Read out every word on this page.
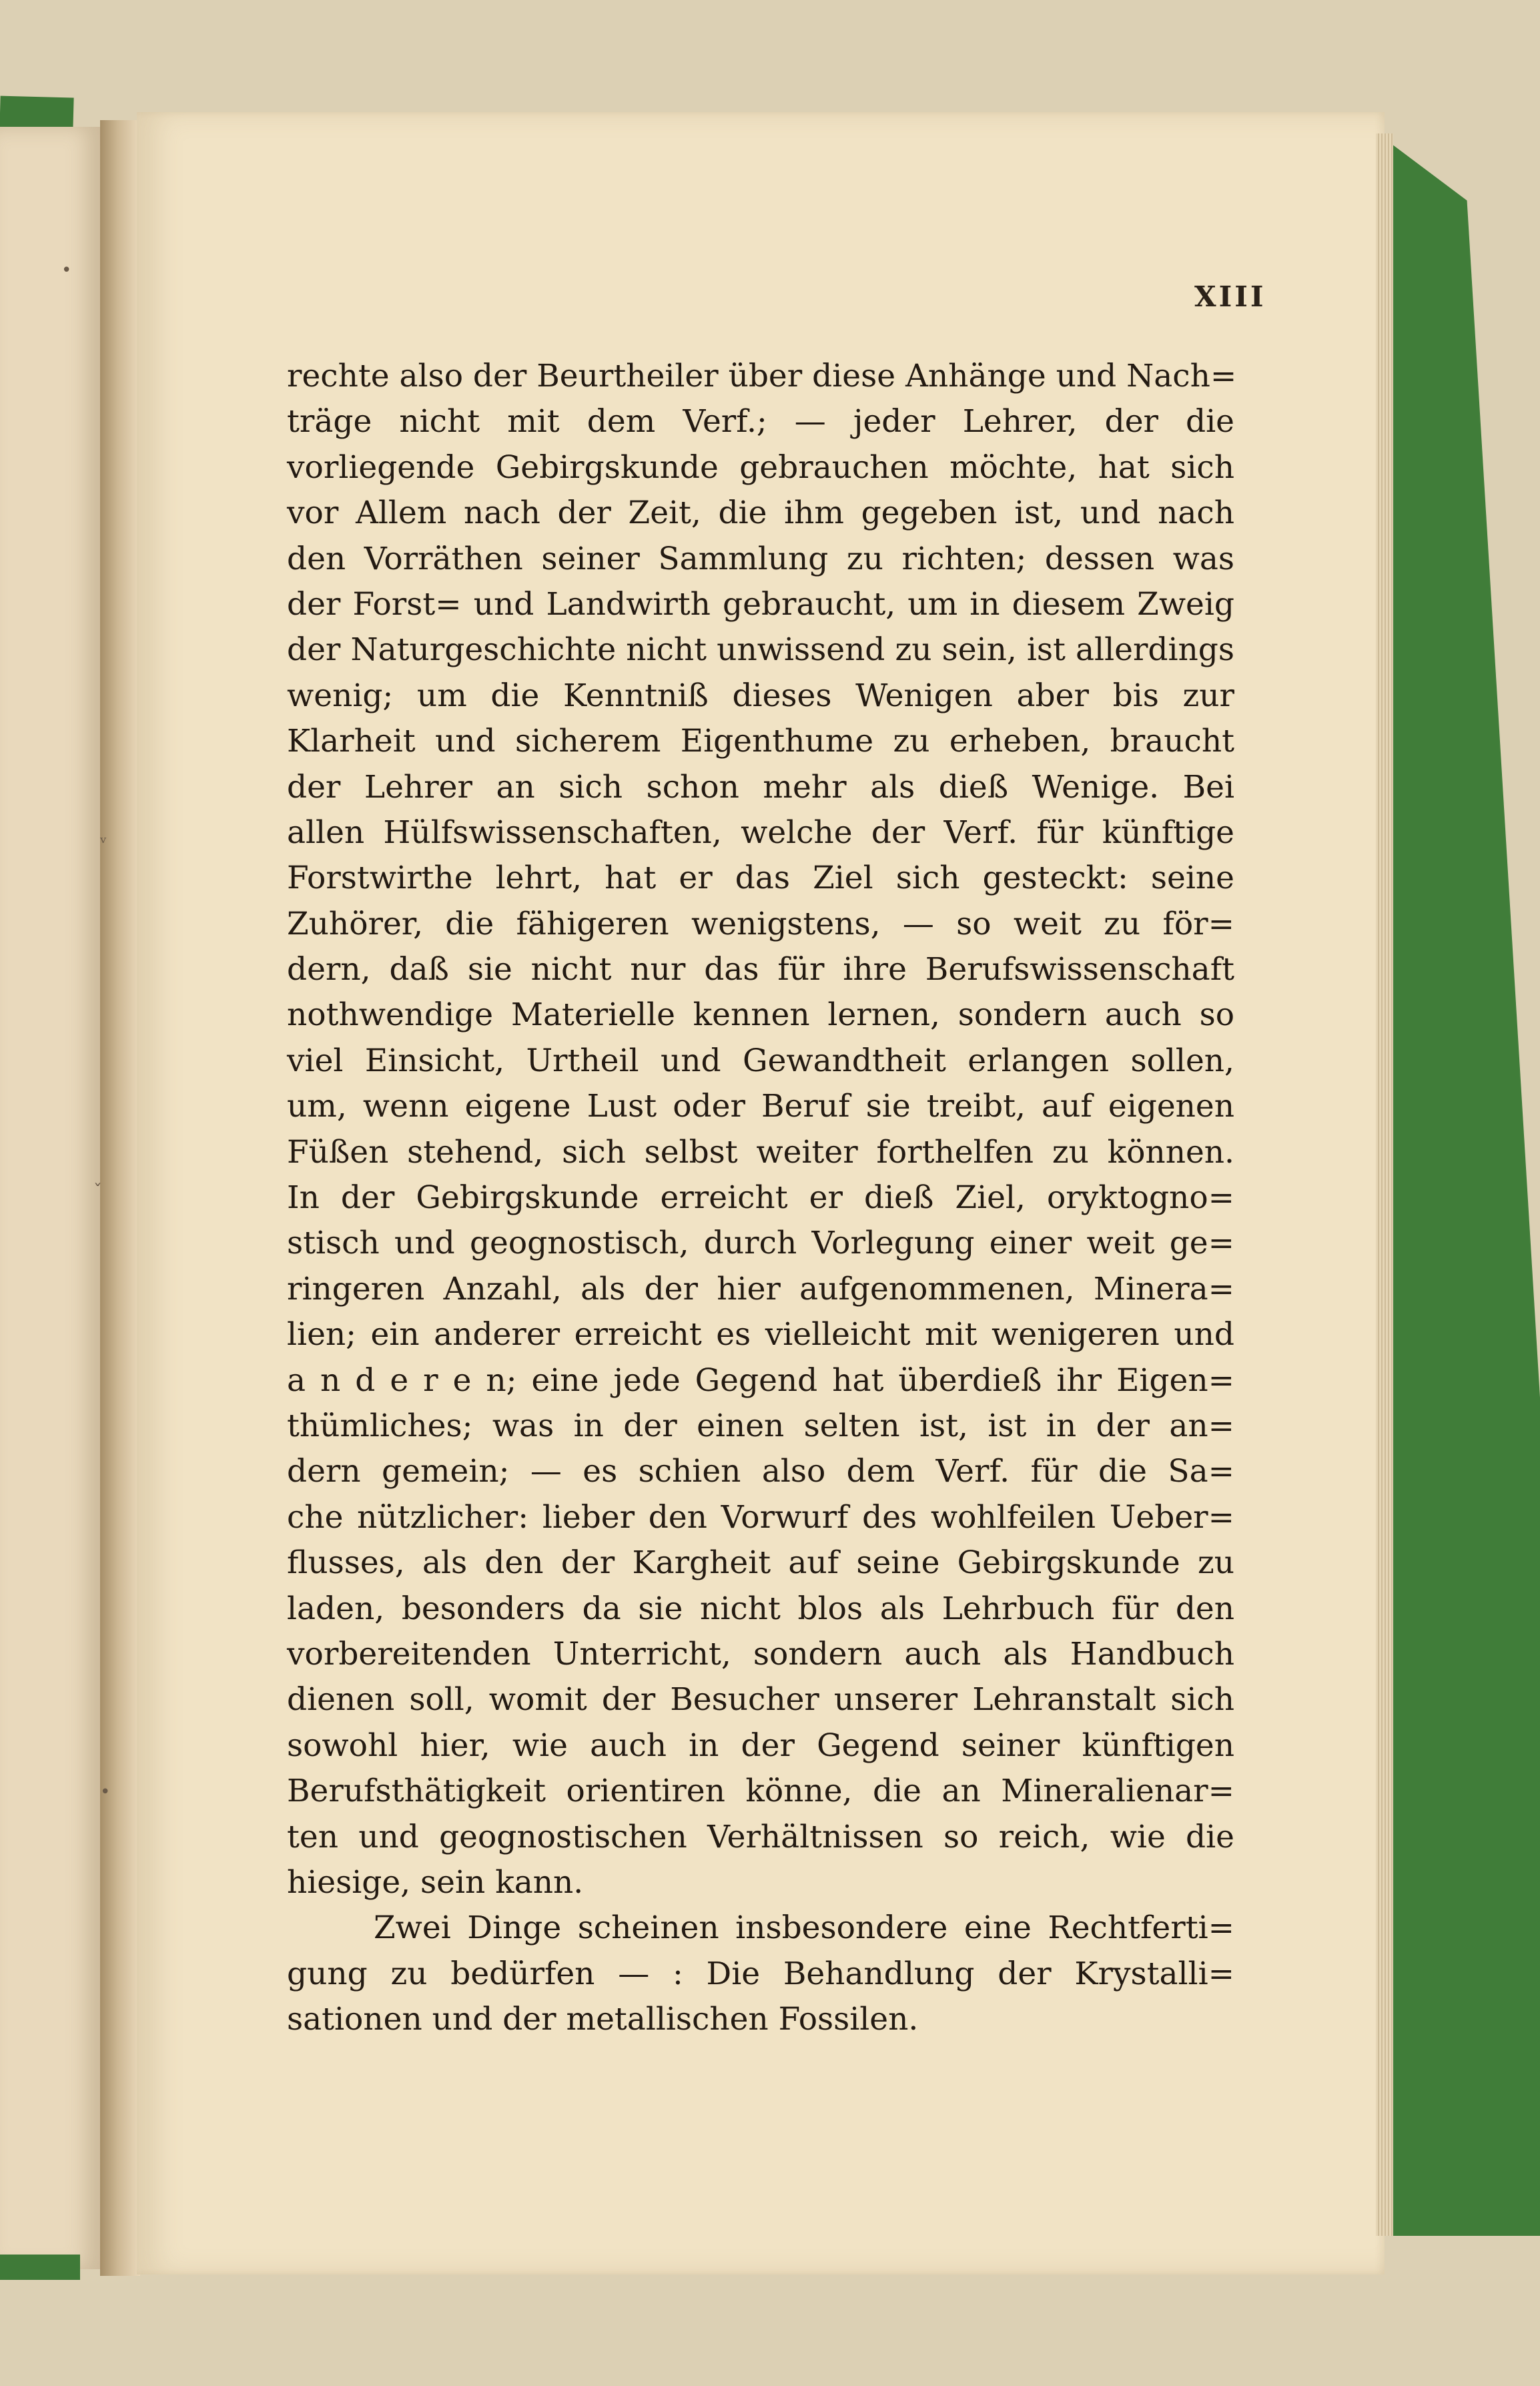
•
ᵥ
ˇ
•
XIII
rechte also der Beurtheiler über diese Anhänge und Nach=
träge nicht mit dem Verf.; — jeder Lehrer, der die
vorliegende Gebirgskunde gebrauchen möchte, hat sich
vor Allem nach der Zeit, die ihm gegeben ist, und nach
den Vorräthen seiner Sammlung zu richten; dessen was
der Forst= und Landwirth gebraucht, um in diesem Zweig
der Naturgeschichte nicht unwissend zu sein, ist allerdings
wenig; um die Kenntniß dieses Wenigen aber bis zur
Klarheit und sicherem Eigenthume zu erheben, braucht
der Lehrer an sich schon mehr als dieß Wenige. Bei
allen Hülfswissenschaften, welche der Verf. für künftige
Forstwirthe lehrt, hat er das Ziel sich gesteckt: seine
Zuhörer, die fähigeren wenigstens, — so weit zu för=
dern, daß sie nicht nur das für ihre Berufswissenschaft
nothwendige Materielle kennen lernen, sondern auch so
viel Einsicht, Urtheil und Gewandtheit erlangen sollen,
um, wenn eigene Lust oder Beruf sie treibt, auf eigenen
Füßen stehend, sich selbst weiter forthelfen zu können.
In der Gebirgskunde erreicht er dieß Ziel, oryktogno=
stisch und geognostisch, durch Vorlegung einer weit ge=
ringeren Anzahl, als der hier aufgenommenen, Minera=
lien; ein anderer erreicht es vielleicht mit wenigeren und
a n d e r e n; eine jede Gegend hat überdieß ihr Eigen=
thümliches; was in der einen selten ist, ist in der an=
dern gemein; — es schien also dem Verf. für die Sa=
che nützlicher: lieber den Vorwurf des wohlfeilen Ueber=
flusses, als den der Kargheit auf seine Gebirgskunde zu
laden, besonders da sie nicht blos als Lehrbuch für den
vorbereitenden Unterricht, sondern auch als Handbuch
dienen soll, womit der Besucher unserer Lehranstalt sich
sowohl hier, wie auch in der Gegend seiner künftigen
Berufsthätigkeit orientiren könne, die an Mineralienar=
ten und geognostischen Verhältnissen so reich, wie die
hiesige, sein kann.
Zwei Dinge scheinen insbesondere eine Rechtferti=
gung zu bedürfen — : Die Behandlung der Krystalli=
sationen und der metallischen Fossilen.
